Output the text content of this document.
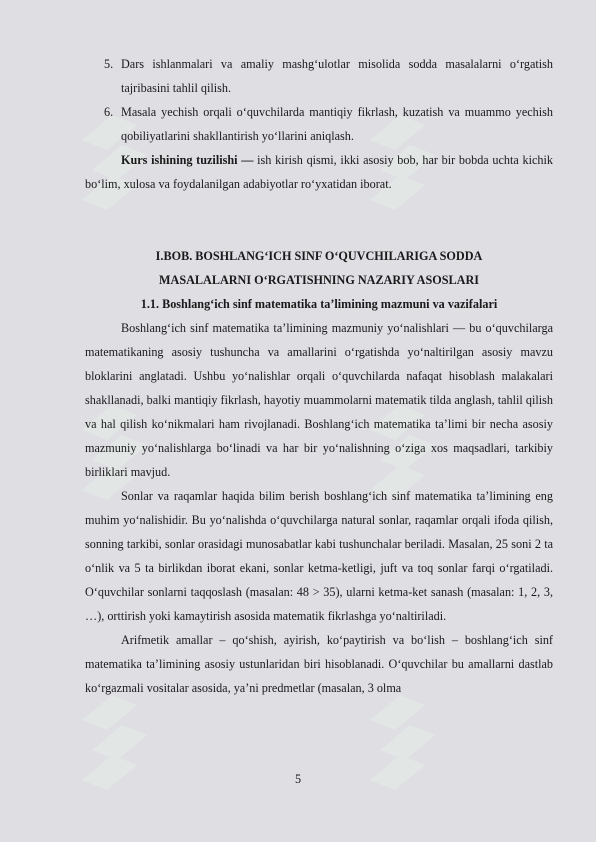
5. Dars ishlanmalari va amaliy mashg‘ulotlar misolida sodda masalalarni o‘rgatish tajribasini tahlil qilish.
6. Masala yechish orqali o‘quvchilarda mantiqiy fikrlash, kuzatish va muammo yechish qobiliyatlarini shakllantirish yo‘llarini aniqlash.

Kurs ishining tuzilishi — ish kirish qismi, ikki asosiy bob, har bir bobda uchta kichik bo‘lim, xulosa va foydalanilgan adabiyotlar ro‘yxatidan iborat.

I.BOB. BOSHLANG‘ICH SINF O‘QUVCHILARIGA SODDA

MASALALARNI O‘RGATISHNING NAZARIY ASOSLARI

1.1. Boshlang‘ich sinf matematika ta’limining mazmuni va vazifalari

Boshlang‘ich sinf matematika ta’limining mazmuniy yo‘nalishlari — bu o‘quvchilarga matematikaning asosiy tushuncha va amallarini o‘rgatishda yo‘naltirilgan asosiy mavzu bloklarini anglatadi. Ushbu yo‘nalishlar orqali o‘quvchilarda nafaqat hisoblash malakalari shakllanadi, balki mantiqiy fikrlash, hayotiy muammolarni matematik tilda anglash, tahlil qilish va hal qilish ko‘nikmalari ham rivojlanadi. Boshlang‘ich matematika ta’limi bir necha asosiy mazmuniy yo‘nalishlarga bo‘linadi va har bir yo‘nalishning o‘ziga xos maqsadlari, tarkibiy birliklari mavjud.

Sonlar va raqamlar haqida bilim berish boshlang‘ich sinf matematika ta’limining eng muhim yo‘nalishidir. Bu yo‘nalishda o‘quvchilarga natural sonlar, raqamlar orqali ifoda qilish, sonning tarkibi, sonlar orasidagi munosabatlar kabi tushunchalar beriladi. Masalan, 25 soni 2 ta o‘nlik va 5 ta birlikdan iborat ekani, sonlar ketma-ketligi, juft va toq sonlar farqi o‘rgatiladi. O‘quvchilar sonlarni taqqoslash (masalan: 48 > 35), ularni ketma-ket sanash (masalan: 1, 2, 3, …), orttirish yoki kamaytirish asosida matematik fikrlashga yo‘naltiriladi.

Arifmetik amallar – qo‘shish, ayirish, ko‘paytirish va bo‘lish – boshlang‘ich sinf matematika ta’limining asosiy ustunlaridan biri hisoblanadi. O‘quvchilar bu amallarni dastlab ko‘rgazmali vositalar asosida, ya’ni predmetlar (masalan, 3 olma

5
